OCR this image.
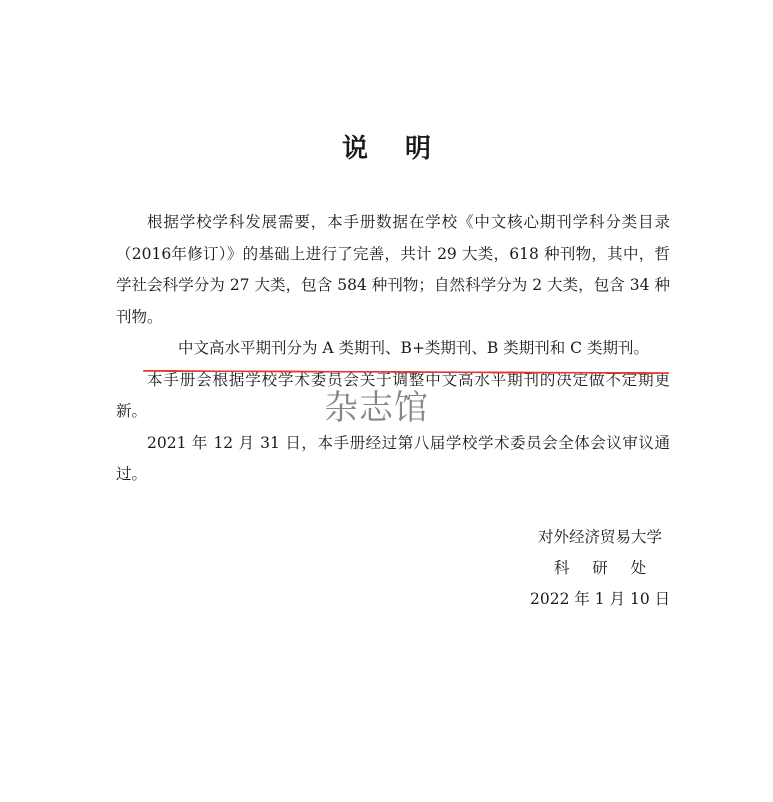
说 明

根据学校学科发展需要，本手册数据在学校《中文核心期刊学科分类目录（2016年修订）》的基础上进行了完善，共计 29 大类，618 种刊物，其中，哲学社会科学分为 27 大类，包含 584 种刊物；自然科学分为 2 大类，包含 34 种刊物。

中文高水平期刊分为 A 类期刊、B+类期刊、B 类期刊和 C 类期刊。

本手册会根据学校学术委员会关于调整中文高水平期刊的决定做不定期更新。

2021 年 12 月 31 日，本手册经过第八届学校学术委员会全体会议审议通过。

杂志馆
对外经济贸易大学
科 研 处
2022 年 1 月 10 日
